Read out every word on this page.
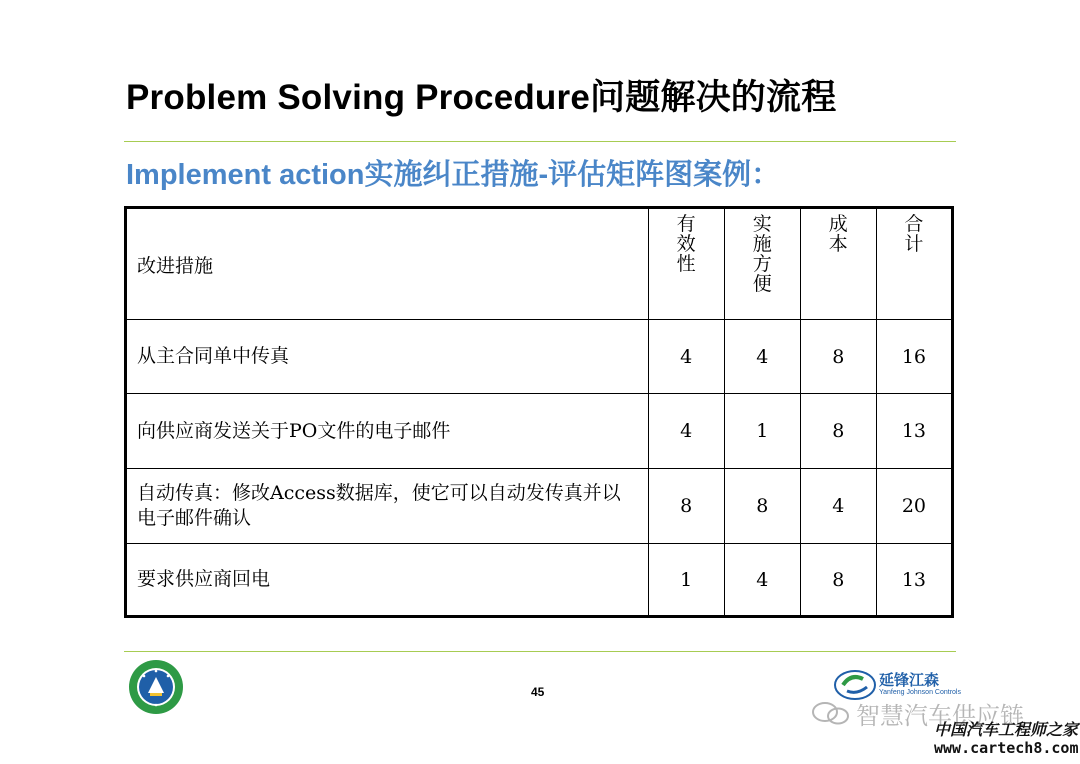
Problem Solving Procedure问题解决的流程
Implement action实施纠正措施-评估矩阵图案例：
改进措施	有效性	实施方便	成本	合计
从主合同单中传真	4	4	8	16
向供应商发送关于PO文件的电子邮件	4	1	8	13
自动传真：修改Access数据库，使它可以自动发传真并以电子邮件确认	8	8	4	20
要求供应商回电	1	4	8	13
45
延锋江森
Yanfeng Johnson Controls
智慧汽车供应链
中国汽车工程师之家
www.cartech8.com
